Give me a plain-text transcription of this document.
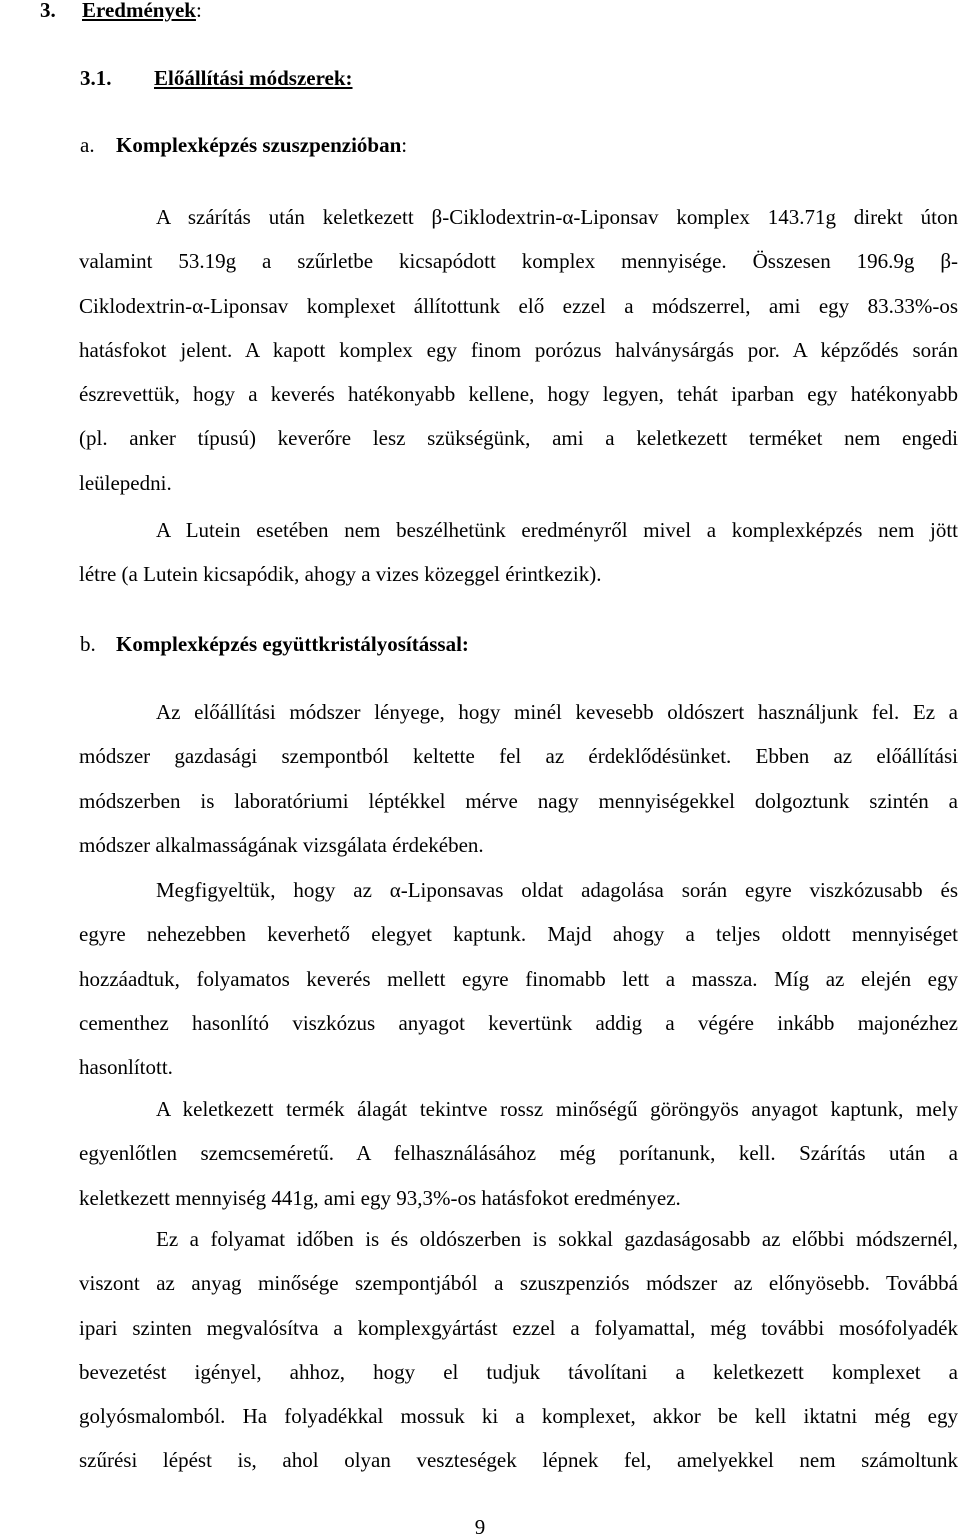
3. Eredmények:
3.1. Előállítási módszerek:
a. Komplexképzés szuszpenzióban:
A szárítás után keletkezett β-Ciklodextrin-α-Liponsav komplex 143.71g direkt úton
valamint 53.19g a szűrletbe kicsapódott komplex mennyisége. Összesen 196.9g β-
Ciklodextrin-α-Liponsav komplexet állítottunk elő ezzel a módszerrel, ami egy 83.33%-os
hatásfokot jelent. A kapott komplex egy finom porózus halványsárgás por. A képződés során
észrevettük, hogy a keverés hatékonyabb kellene, hogy legyen, tehát iparban egy hatékonyabb
(pl. anker típusú) keverőre lesz szükségünk, ami a keletkezett terméket nem engedi
leülepedni.
A Lutein esetében nem beszélhetünk eredményről mivel a komplexképzés nem jött
létre (a Lutein kicsapódik, ahogy a vizes közeggel érintkezik).
b. Komplexképzés együttkristályosítással:
Az előállítási módszer lényege, hogy minél kevesebb oldószert használjunk fel. Ez a
módszer gazdasági szempontból keltette fel az érdeklődésünket. Ebben az előállítási
módszerben is laboratóriumi léptékkel mérve nagy mennyiségekkel dolgoztunk szintén a
módszer alkalmasságának vizsgálata érdekében.
Megfigyeltük, hogy az α-Liponsavas oldat adagolása során egyre viszkózusabb és
egyre nehezebben keverhető elegyet kaptunk. Majd ahogy a teljes oldott mennyiséget
hozzáadtuk, folyamatos keverés mellett egyre finomabb lett a massza. Míg az elején egy
cementhez hasonlító viszkózus anyagot kevertünk addig a végére inkább majonézhez
hasonlított.
A keletkezett termék álagát tekintve rossz minőségű göröngyös anyagot kaptunk, mely
egyenlőtlen szemcseméretű. A felhasználásához még porítanunk, kell. Szárítás után a
keletkezett mennyiség 441g, ami egy 93,3%-os hatásfokot eredményez.
Ez a folyamat időben is és oldószerben is sokkal gazdaságosabb az előbbi módszernél,
viszont az anyag minősége szempontjából a szuszpenziós módszer az előnyösebb. Továbbá
ipari szinten megvalósítva a komplexgyártást ezzel a folyamattal, még további mosófolyadék
bevezetést igényel, ahhoz, hogy el tudjuk távolítani a keletkezett komplexet a
golyósmalomból. Ha folyadékkal mossuk ki a komplexet, akkor be kell iktatni még egy
szűrési lépést is, ahol olyan veszteségek lépnek fel, amelyekkel nem számoltunk
9
